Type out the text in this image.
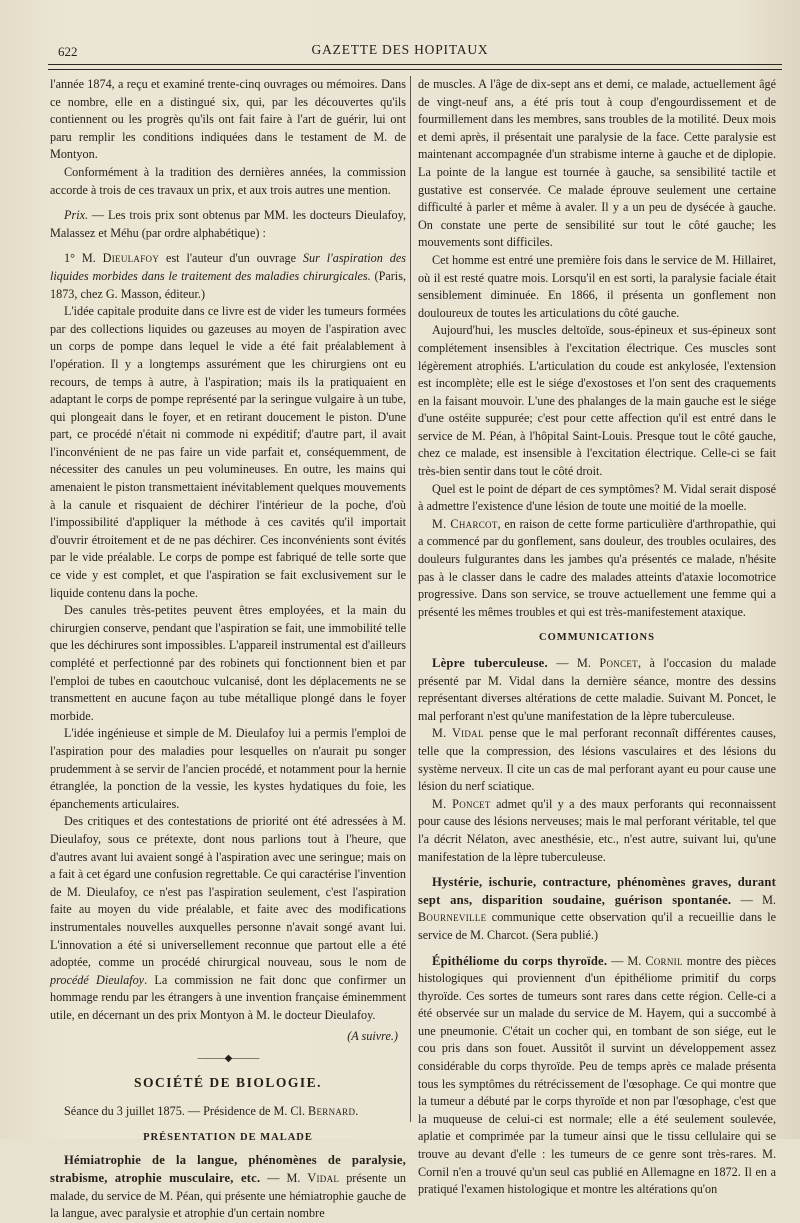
622	GAZETTE DES HOPITAUX

l'année 1874, a reçu et examiné trente-cinq ouvrages ou mémoires. Dans ce nombre, elle en a distingué six, qui, par les découvertes qu'ils contiennent ou les progrès qu'ils ont fait faire à l'art de guérir, lui ont paru remplir les conditions indiquées dans le testament de M. de Montyon.

Conformément à la tradition des dernières années, la commission accorde à trois de ces travaux un prix, et aux trois autres une mention.

Prix. — Les trois prix sont obtenus par MM. les docteurs Dieulafoy, Malassez et Méhu (par ordre alphabétique) :

1° M. Dieulafoy est l'auteur d'un ouvrage Sur l'aspiration des liquides morbides dans le traitement des maladies chirurgicales. (Paris, 1873, chez G. Masson, éditeur.)

L'idée capitale produite dans ce livre est de vider les tumeurs formées par des collections liquides ou gazeuses au moyen de l'aspiration avec un corps de pompe dans lequel le vide a été fait préalablement à l'opération. Il y a longtemps assurément que les chirurgiens ont eu recours, de temps à autre, à l'aspiration; mais ils la pratiquaient en adaptant le corps de pompe représenté par la seringue vulgaire à un tube, qui plongeait dans le foyer, et en retirant doucement le piston. D'une part, ce procédé n'était ni commode ni expéditif; d'autre part, il avait l'inconvénient de ne pas faire un vide parfait et, conséquemment, de nécessiter des canules un peu volumineuses. En outre, les mains qui amenaient le piston transmettaient inévitablement quelques mouvements à la canule et risquaient de déchirer l'intérieur de la poche, d'où l'impossibilité d'appliquer la méthode à ces cavités qu'il importait d'ouvrir étroitement et de ne pas déchirer. Ces inconvénients sont évités par le vide préalable. Le corps de pompe est fabriqué de telle sorte que ce vide y est complet, et que l'aspiration se fait exclusivement sur le liquide contenu dans la poche.

Des canules très-petites peuvent êtres employées, et la main du chirurgien conserve, pendant que l'aspiration se fait, une immobilité telle que les déchirures sont impossibles. L'appareil instrumental est d'ailleurs complété et perfectionné par des robinets qui fonctionnent bien et par l'emploi de tubes en caoutchouc vulcanisé, dont les déplacements ne se transmettent en aucune façon au tube métallique plongé dans le foyer morbide.

L'idée ingénieuse et simple de M. Dieulafoy lui a permis l'emploi de l'aspiration pour des maladies pour lesquelles on n'aurait pu songer prudemment à se servir de l'ancien procédé, et notamment pour la hernie étranglée, la ponction de la vessie, les kystes hydatiques du foie, les épanchements articulaires.

Des critiques et des contestations de priorité ont été adressées à M. Dieulafoy, sous ce prétexte, dont nous parlions tout à l'heure, que d'autres avant lui avaient songé à l'aspiration avec une seringue; mais on a fait à cet égard une confusion regrettable. Ce qui caractérise l'invention de M. Dieulafoy, ce n'est pas l'aspiration seulement, c'est l'aspiration faite au moyen du vide préalable, et faite avec des modifications instrumentales nouvelles auxquelles personne n'avait songé avant lui. L'innovation a été si universellement reconnue que partout elle a été adoptée, comme un procédé chirurgical nouveau, sous le nom de procédé Dieulafoy. La commission ne fait donc que confirmer un hommage rendu par les étrangers à une invention française éminemment utile, en décernant un des prix Montyon à M. le docteur Dieulafoy.

(A suivre.)
———◆———
SOCIÉTÉ DE BIOLOGIE.

Séance du 3 juillet 1875. — Présidence de M. Cl. Bernard.

PRÉSENTATION DE MALADE

Hémiatrophie de la langue, phénomènes de paralysie, strabisme, atrophie musculaire, etc. — M. Vidal présente un malade, du service de M. Péan, qui présente une hémiatrophie gauche de la langue, avec paralysie et atrophie d'un certain nombre

de muscles. A l'âge de dix-sept ans et demi, ce malade, actuellement âgé de vingt-neuf ans, a été pris tout à coup d'engourdissement et de fourmillement dans les membres, sans troubles de la motilité. Deux mois et demi après, il présentait une paralysie de la face. Cette paralysie est maintenant accompagnée d'un strabisme interne à gauche et de diplopie. La pointe de la langue est tournée à gauche, sa sensibilité tactile et gustative est conservée. Ce malade éprouve seulement une certaine difficulté à parler et même à avaler. Il y a un peu de dysécée à gauche. On constate une perte de sensibilité sur tout le côté gauche; les mouvements sont difficiles.

Cet homme est entré une première fois dans le service de M. Hillairet, où il est resté quatre mois. Lorsqu'il en est sorti, la paralysie faciale était sensiblement diminuée. En 1866, il présenta un gonflement non douloureux de toutes les articulations du côté gauche.

Aujourd'hui, les muscles deltoïde, sous-épineux et sus-épineux sont complétement insensibles à l'excitation électrique. Ces muscles sont légèrement atrophiés. L'articulation du coude est ankylosée, l'extension est incomplète; elle est le siége d'exostoses et l'on sent des craquements en la faisant mouvoir. L'une des phalanges de la main gauche est le siége d'une ostéite suppurée; c'est pour cette affection qu'il est entré dans le service de M. Péan, à l'hôpital Saint-Louis. Presque tout le côté gauche, chez ce malade, est insensible à l'excitation électrique. Celle-ci se fait très-bien sentir dans tout le côté droit.

Quel est le point de départ de ces symptômes? M. Vidal serait disposé à admettre l'existence d'une lésion de toute une moitié de la moelle.

M. Charcot, en raison de cette forme particulière d'arthropathie, qui a commencé par du gonflement, sans douleur, des troubles oculaires, des douleurs fulgurantes dans les jambes qu'a présentés ce malade, n'hésite pas à le classer dans le cadre des malades atteints d'ataxie locomotrice progressive. Dans son service, se trouve actuellement une femme qui a présenté les mêmes troubles et qui est très-manifestement ataxique.

COMMUNICATIONS

Lèpre tuberculeuse. — M. Poncet, à l'occasion du malade présenté par M. Vidal dans la dernière séance, montre des dessins représentant diverses altérations de cette maladie. Suivant M. Poncet, le mal perforant n'est qu'une manifestation de la lèpre tuberculeuse.

M. Vidal pense que le mal perforant reconnaît différentes causes, telle que la compression, des lésions vasculaires et des lésions du système nerveux. Il cite un cas de mal perforant ayant eu pour cause une lésion du nerf sciatique.

M. Poncet admet qu'il y a des maux perforants qui reconnaissent pour cause des lésions nerveuses; mais le mal perforant véritable, tel que l'a décrit Nélaton, avec anesthésie, etc., n'est autre, suivant lui, qu'une manifestation de la lèpre tuberculeuse.

Hystérie, ischurie, contracture, phénomènes graves, durant sept ans, disparition soudaine, guérison spontanée. — M. Bourneville communique cette observation qu'il a recueillie dans le service de M. Charcot. (Sera publié.)

Épithéliome du corps thyroïde. — M. Cornil montre des pièces histologiques qui proviennent d'un épithéliome primitif du corps thyroïde. Ces sortes de tumeurs sont rares dans cette région. Celle-ci a été observée sur un malade du service de M. Hayem, qui a succombé à une pneumonie. C'était un cocher qui, en tombant de son siége, eut le cou pris dans son fouet. Aussitôt il survint un développement assez considérable du corps thyroïde. Peu de temps après ce malade présenta tous les symptômes du rétrécissement de l'œsophage. Ce qui montre que la tumeur a débuté par le corps thyroïde et non par l'œsophage, c'est que la muqueuse de celui-ci est normale; elle a été seulement soulevée, aplatie et comprimée par la tumeur ainsi que le tissu cellulaire qui se trouve au devant d'elle : les tumeurs de ce genre sont très-rares. M. Cornil n'en a trouvé qu'un seul cas publié en Allemagne en 1872. Il en a pratiqué l'examen histologique et montre les altérations qu'on
